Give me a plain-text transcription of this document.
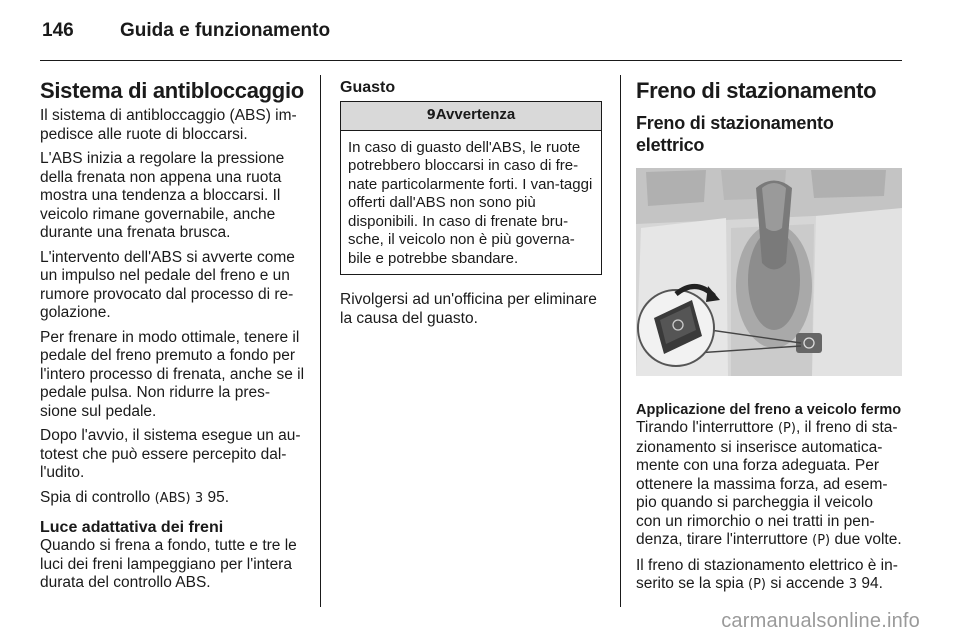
146 Guida e funzionamento
Sistema di antibloccaggio

Il sistema di antibloccaggio (ABS) im-pedisce alle ruote di bloccarsi.

L'ABS inizia a regolare la pressione della frenata non appena una ruota mostra una tendenza a bloccarsi. Il veicolo rimane governabile, anche durante una frenata brusca.

L'intervento dell'ABS si avverte come un impulso nel pedale del freno e un rumore provocato dal processo di re-golazione.

Per frenare in modo ottimale, tenere il pedale del freno premuto a fondo per l'intero processo di frenata, anche se il pedale pulsa. Non ridurre la pres-sione sul pedale.

Dopo l'avvio, il sistema esegue un au-totest che può essere percepito dal-l'udito.

Spia di controllo (ABS) 3 95.

Luce adattativa dei freni

Quando si frena a fondo, tutte e tre le luci dei freni lampeggiano per l'intera durata del controllo ABS.

Guasto
9Avvertenza
In caso di guasto dell'ABS, le ruote potrebbero bloccarsi in caso di fre-nate particolarmente forti. I van-taggi offerti dall'ABS non sono più disponibili. In caso di frenate bru-sche, il veicolo non è più governa-bile e potrebbe sbandare.

Rivolgersi ad un'officina per eliminare la causa del guasto.

Freno di stazionamento
Freno di stazionamento elettrico
Applicazione del freno a veicolo fermo

Tirando l'interruttore (P), il freno di sta-zionamento si inserisce automatica-mente con una forza adeguata. Per ottenere la massima forza, ad esem-pio quando si parcheggia il veicolo con un rimorchio o nei tratti in pen-denza, tirare l'interruttore (P) due volte.

Il freno di stazionamento elettrico è in-serito se la spia (P) si accende 3 94.

carmanualsonline.info
